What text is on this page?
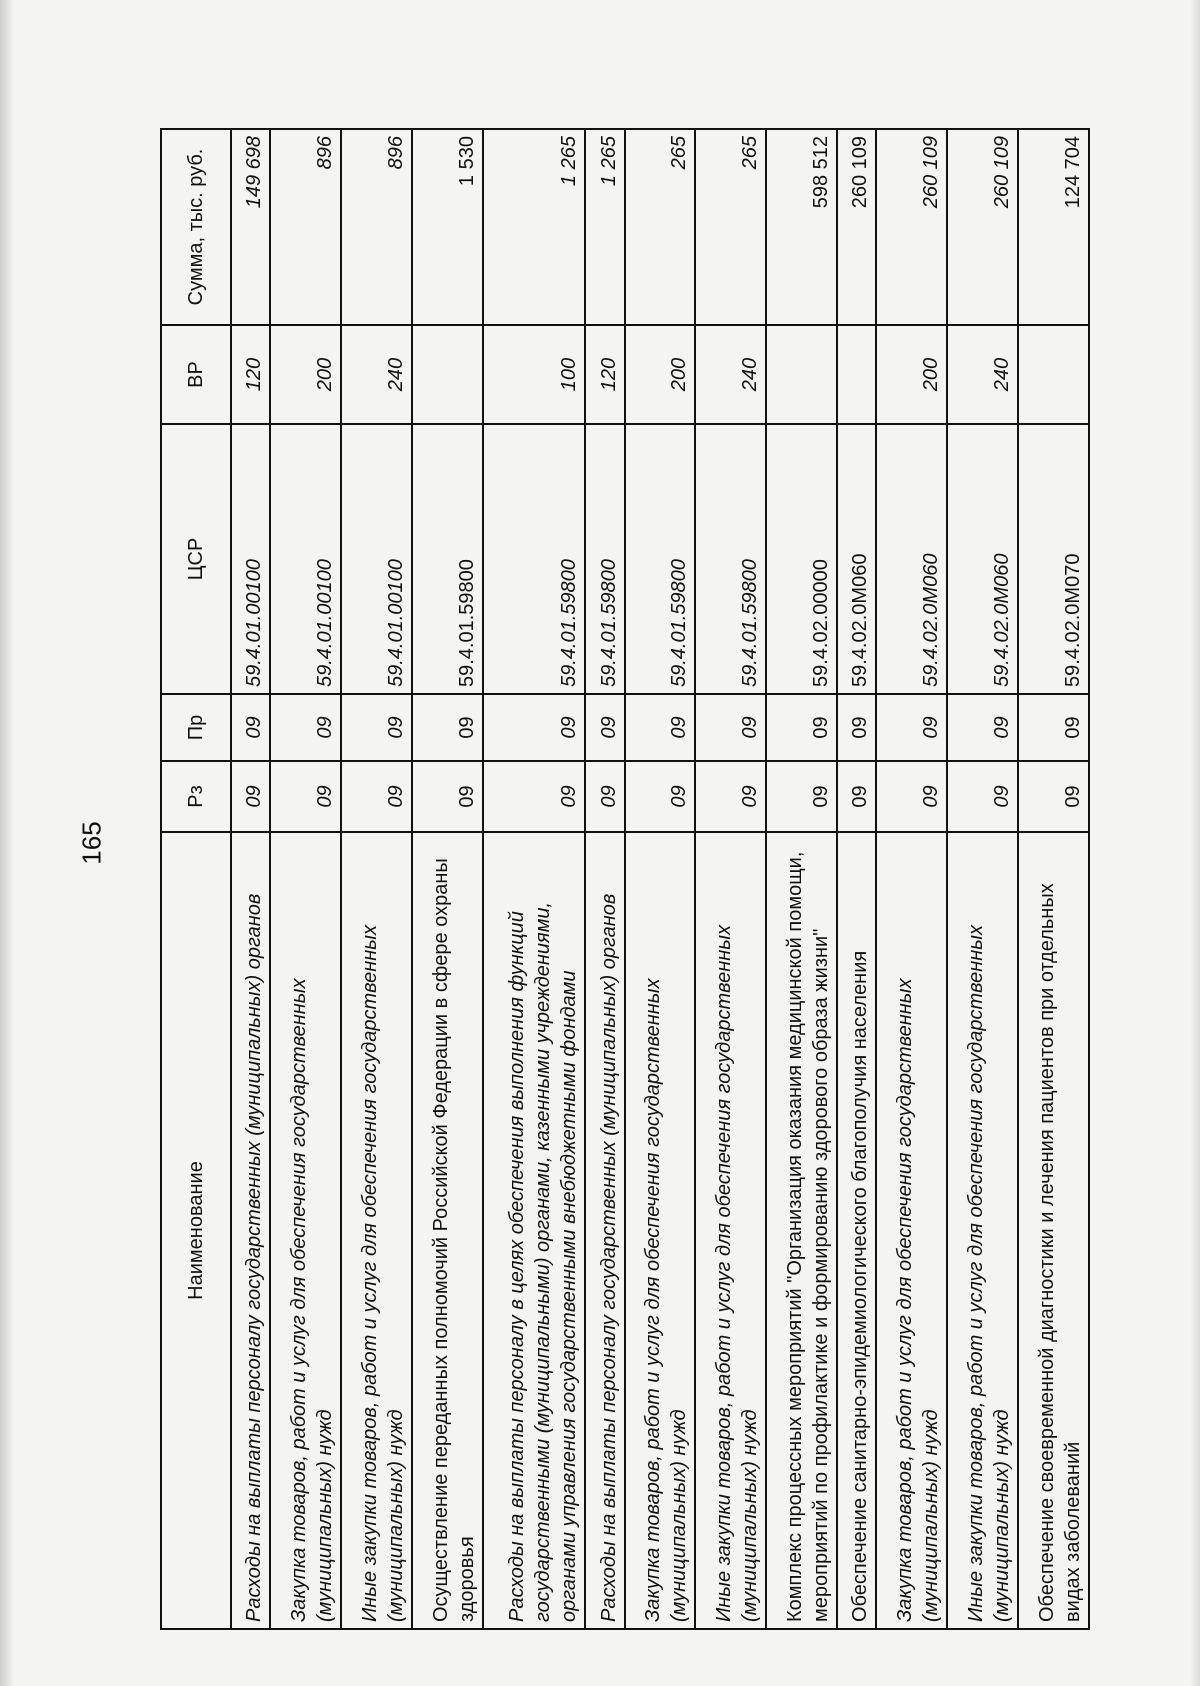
165
Наименование	Рз	Пр	ЦСР	ВР	Сумма, тыс. руб.
Расходы на выплаты персоналу государственных (муниципальных) органов	09	09	59.4.01.00100	120	149 698
Закупка товаров, работ и услуг для обеспечения государственных (муниципальных) нужд	09	09	59.4.01.00100	200	896
Иные закупки товаров, работ и услуг для обеспечения государственных (муниципальных) нужд	09	09	59.4.01.00100	240	896
Осуществление переданных полномочий Российской Федерации в сфере охраны здоровья	09	09	59.4.01.59800		1 530
Расходы на выплаты персоналу в целях обеспечения выполнения функций государственными (муниципальными) органами, казенными учреждениями, органами управления государственными внебюджетными фондами	09	09	59.4.01.59800	100	1 265
Расходы на выплаты персоналу государственных (муниципальных) органов	09	09	59.4.01.59800	120	1 265
Закупка товаров, работ и услуг для обеспечения государственных (муниципальных) нужд	09	09	59.4.01.59800	200	265
Иные закупки товаров, работ и услуг для обеспечения государственных (муниципальных) нужд	09	09	59.4.01.59800	240	265
Комплекс процессных мероприятий "Организация оказания медицинской помощи, мероприятий по профилактике и формированию здорового образа жизни"	09	09	59.4.02.00000		598 512
Обеспечение санитарно-эпидемиологического благополучия населения	09	09	59.4.02.0М060		260 109
Закупка товаров, работ и услуг для обеспечения государственных (муниципальных) нужд	09	09	59.4.02.0М060	200	260 109
Иные закупки товаров, работ и услуг для обеспечения государственных (муниципальных) нужд	09	09	59.4.02.0М060	240	260 109
Обеспечение своевременной диагностики и лечения пациентов при отдельных видах заболеваний	09	09	59.4.02.0М070		124 704
